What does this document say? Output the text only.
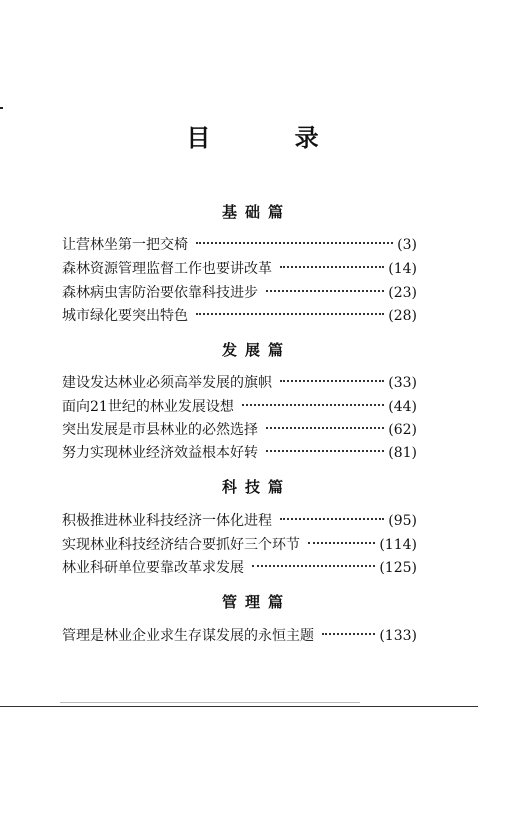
目 录
基础篇
让营林坐第一把交椅	(3)
森林资源管理监督工作也要讲改革	(14)
森林病虫害防治要依靠科技进步	(23)
城市绿化要突出特色	(28)
发展篇
建设发达林业必须高举发展的旗帜	(33)
面向21世纪的林业发展设想	(44)
突出发展是市县林业的必然选择	(62)
努力实现林业经济效益根本好转	(81)
科技篇
积极推进林业科技经济一体化进程	(95)
实现林业科技经济结合要抓好三个环节	(114)
林业科研单位要靠改革求发展	(125)
管理篇
管理是林业企业求生存谋发展的永恒主题	(133)
